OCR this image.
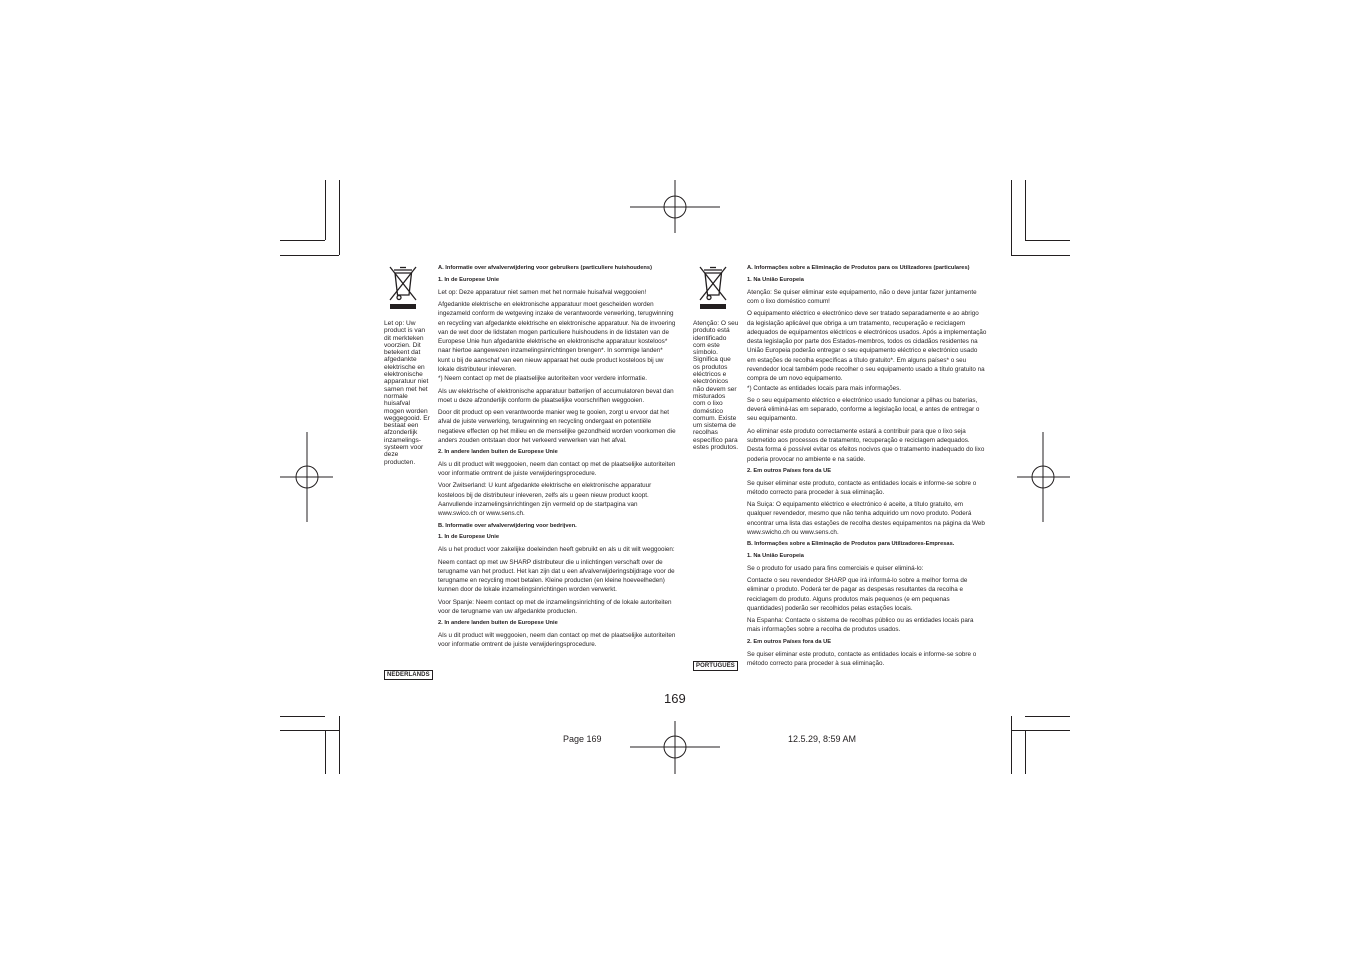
Let op: Uw
product is van
dit merkteken
voorzien. Dit
betekent dat
afgedankte
elektrische en
elektronische
apparatuur niet
samen met het
normale
huisafval
mogen worden
weggegooid. Er
bestaat een
afzonderlijk
inzamelings-
systeem voor
deze
producten.

A. Informatie over afvalverwijdering voor gebruikers (particuliere huishoudens)

1. In de Europese Unie

Let op: Deze apparatuur niet samen met het normale huisafval weggooien!

Afgedankte elektrische en elektronische apparatuur moet gescheiden worden ingezameld conform de wetgeving inzake de verantwoorde verwerking, terugwinning en recycling van afgedankte elektrische en elektronische apparatuur. Na de invoering van de wet door de lidstaten mogen particuliere huishoudens in de lidstaten van de Europese Unie hun afgedankte elektrische en elektronische apparatuur kosteloos* naar hiertoe aangewezen inzamelingsinrichtingen brengen*. In sommige landen* kunt u bij de aanschaf van een nieuw apparaat het oude product kosteloos bij uw lokale distributeur inleveren.
*) Neem contact op met de plaatselijke autoriteiten voor verdere informatie.

Als uw elektrische of elektronische apparatuur batterijen of accumulatoren bevat dan moet u deze afzonderlijk conform de plaatselijke voorschriften weggooien.

Door dit product op een verantwoorde manier weg te gooien, zorgt u ervoor dat het afval de juiste verwerking, terugwinning en recycling ondergaat en potentiële negatieve effecten op het milieu en de menselijke gezondheid worden voorkomen die anders zouden ontstaan door het verkeerd verwerken van het afval.

2. In andere landen buiten de Europese Unie

Als u dit product wilt weggooien, neem dan contact op met de plaatselijke autoriteiten voor informatie omtrent de juiste verwijderingsprocedure.

Voor Zwitserland: U kunt afgedankte elektrische en elektronische apparatuur kosteloos bij de distributeur inleveren, zelfs als u geen nieuw product koopt. Aanvullende inzamelingsinrichtingen zijn vermeld op de startpagina van www.swico.ch or www.sens.ch.

B. Informatie over afvalverwijdering voor bedrijven.

1. In de Europese Unie

Als u het product voor zakelijke doeleinden heeft gebruikt en als u dit wilt weggooien:

Neem contact op met uw SHARP distributeur die u inlichtingen verschaft over de terugname van het product. Het kan zijn dat u een afvalverwijderingsbijdrage voor de terugname en recycling moet betalen. Kleine producten (en kleine hoeveelheden) kunnen door de lokale inzamelingsinrichtingen worden verwerkt.

Voor Spanje: Neem contact op met de inzamelingsinrichting of de lokale autoriteiten voor de terugname van uw afgedankte producten.

2. In andere landen buiten de Europese Unie

Als u dit product wilt weggooien, neem dan contact op met de plaatselijke autoriteiten voor informatie omtrent de juiste verwijderingsprocedure.

NEDERLANDS
Atenção: O seu
produto está
identificado
com este
símbolo.
Significa que
os produtos
eléctricos e
electrónicos
não devem ser
misturados
com o lixo
doméstico
comum. Existe
um sistema de
recolhas
específico para
estes produtos.

A. Informações sobre a Eliminação de Produtos para os Utilizadores (particulares)

1. Na União Europeia

Atenção: Se quiser eliminar este equipamento, não o deve juntar fazer juntamente com o lixo doméstico comum!

O equipamento eléctrico e electrónico deve ser tratado separadamente e ao abrigo da legislação aplicável que obriga a um tratamento, recuperação e reciclagem adequados de equipamentos eléctricos e electrónicos usados. Após a implementação desta legislação por parte dos Estados-membros, todos os cidadãos residentes na União Europeia poderão entregar o seu equipamento eléctrico e electrónico usado em estações de recolha específicas a título gratuito*. Em alguns países* o seu revendedor local também pode recolher o seu equipamento usado a título gratuito na compra de um novo equipamento.
*) Contacte as entidades locais para mais informações.

Se o seu equipamento eléctrico e electrónico usado funcionar a pilhas ou baterias, deverá eliminá-las em separado, conforme a legislação local, e antes de entregar o seu equipamento.

Ao eliminar este produto correctamente estará a contribuir para que o lixo seja submetido aos processos de tratamento, recuperação e reciclagem adequados. Desta forma é possível evitar os efeitos nocivos que o tratamento inadequado do lixo poderia provocar no ambiente e na saúde.

2. Em outros Países fora da UE

Se quiser eliminar este produto, contacte as entidades locais e informe-se sobre o método correcto para proceder à sua eliminação.

Na Suiça: O equipamento eléctrico e electrónico é aceite, a título gratuito, em qualquer revendedor, mesmo que não tenha adquirido um novo produto. Poderá encontrar uma lista das estações de recolha destes equipamentos na página da Web www.swicho.ch ou www.sens.ch.

B. Informações sobre a Eliminação de Produtos para Utilizadores-Empresas.

1. Na União Europeia

Se o produto for usado para fins comerciais e quiser eliminá-lo:

Contacte o seu revendedor SHARP que irá informá-lo sobre a melhor forma de eliminar o produto. Poderá ter de pagar as despesas resultantes da recolha e reciclagem do produto. Alguns produtos mais pequenos (e em pequenas quantidades) poderão ser recolhidos pelas estações locais.

Na Espanha: Contacte o sistema de recolhas público ou as entidades locais para mais informações sobre a recolha de produtos usados.

2. Em outros Países fora da UE

Se quiser eliminar este produto, contacte as entidades locais e informe-se sobre o método correcto para proceder à sua eliminação.

PORTUGUÊS
169
Page 169	12.5.29, 8:59 AM
